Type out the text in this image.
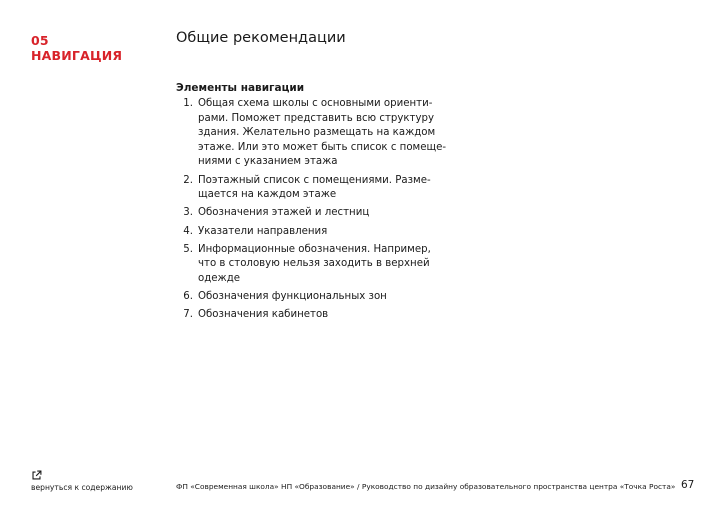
05
НАВИГАЦИЯ
Общие рекомендации
Элементы навигации
1. Общая схема школы с основными ориенти-
рами. Поможет представить всю структуру
здания. Желательно размещать на каждом
этаже. Или это может быть список с помеще-
ниями с указанием этажа
2. Поэтажный список с помещениями. Разме-
щается на каждом этаже
3. Обозначения этажей и лестниц
4. Указатели направления
5. Информационные обозначения. Например,
что в столовую нельзя заходить в верхней
одежде
6. Обозначения функциональных зон
7. Обозначения кабинетов
вернуться к содержанию	ФП «Современная школа» НП «Образование» / Руководство по дизайну образовательного пространства центра «Точка Роста» 67
